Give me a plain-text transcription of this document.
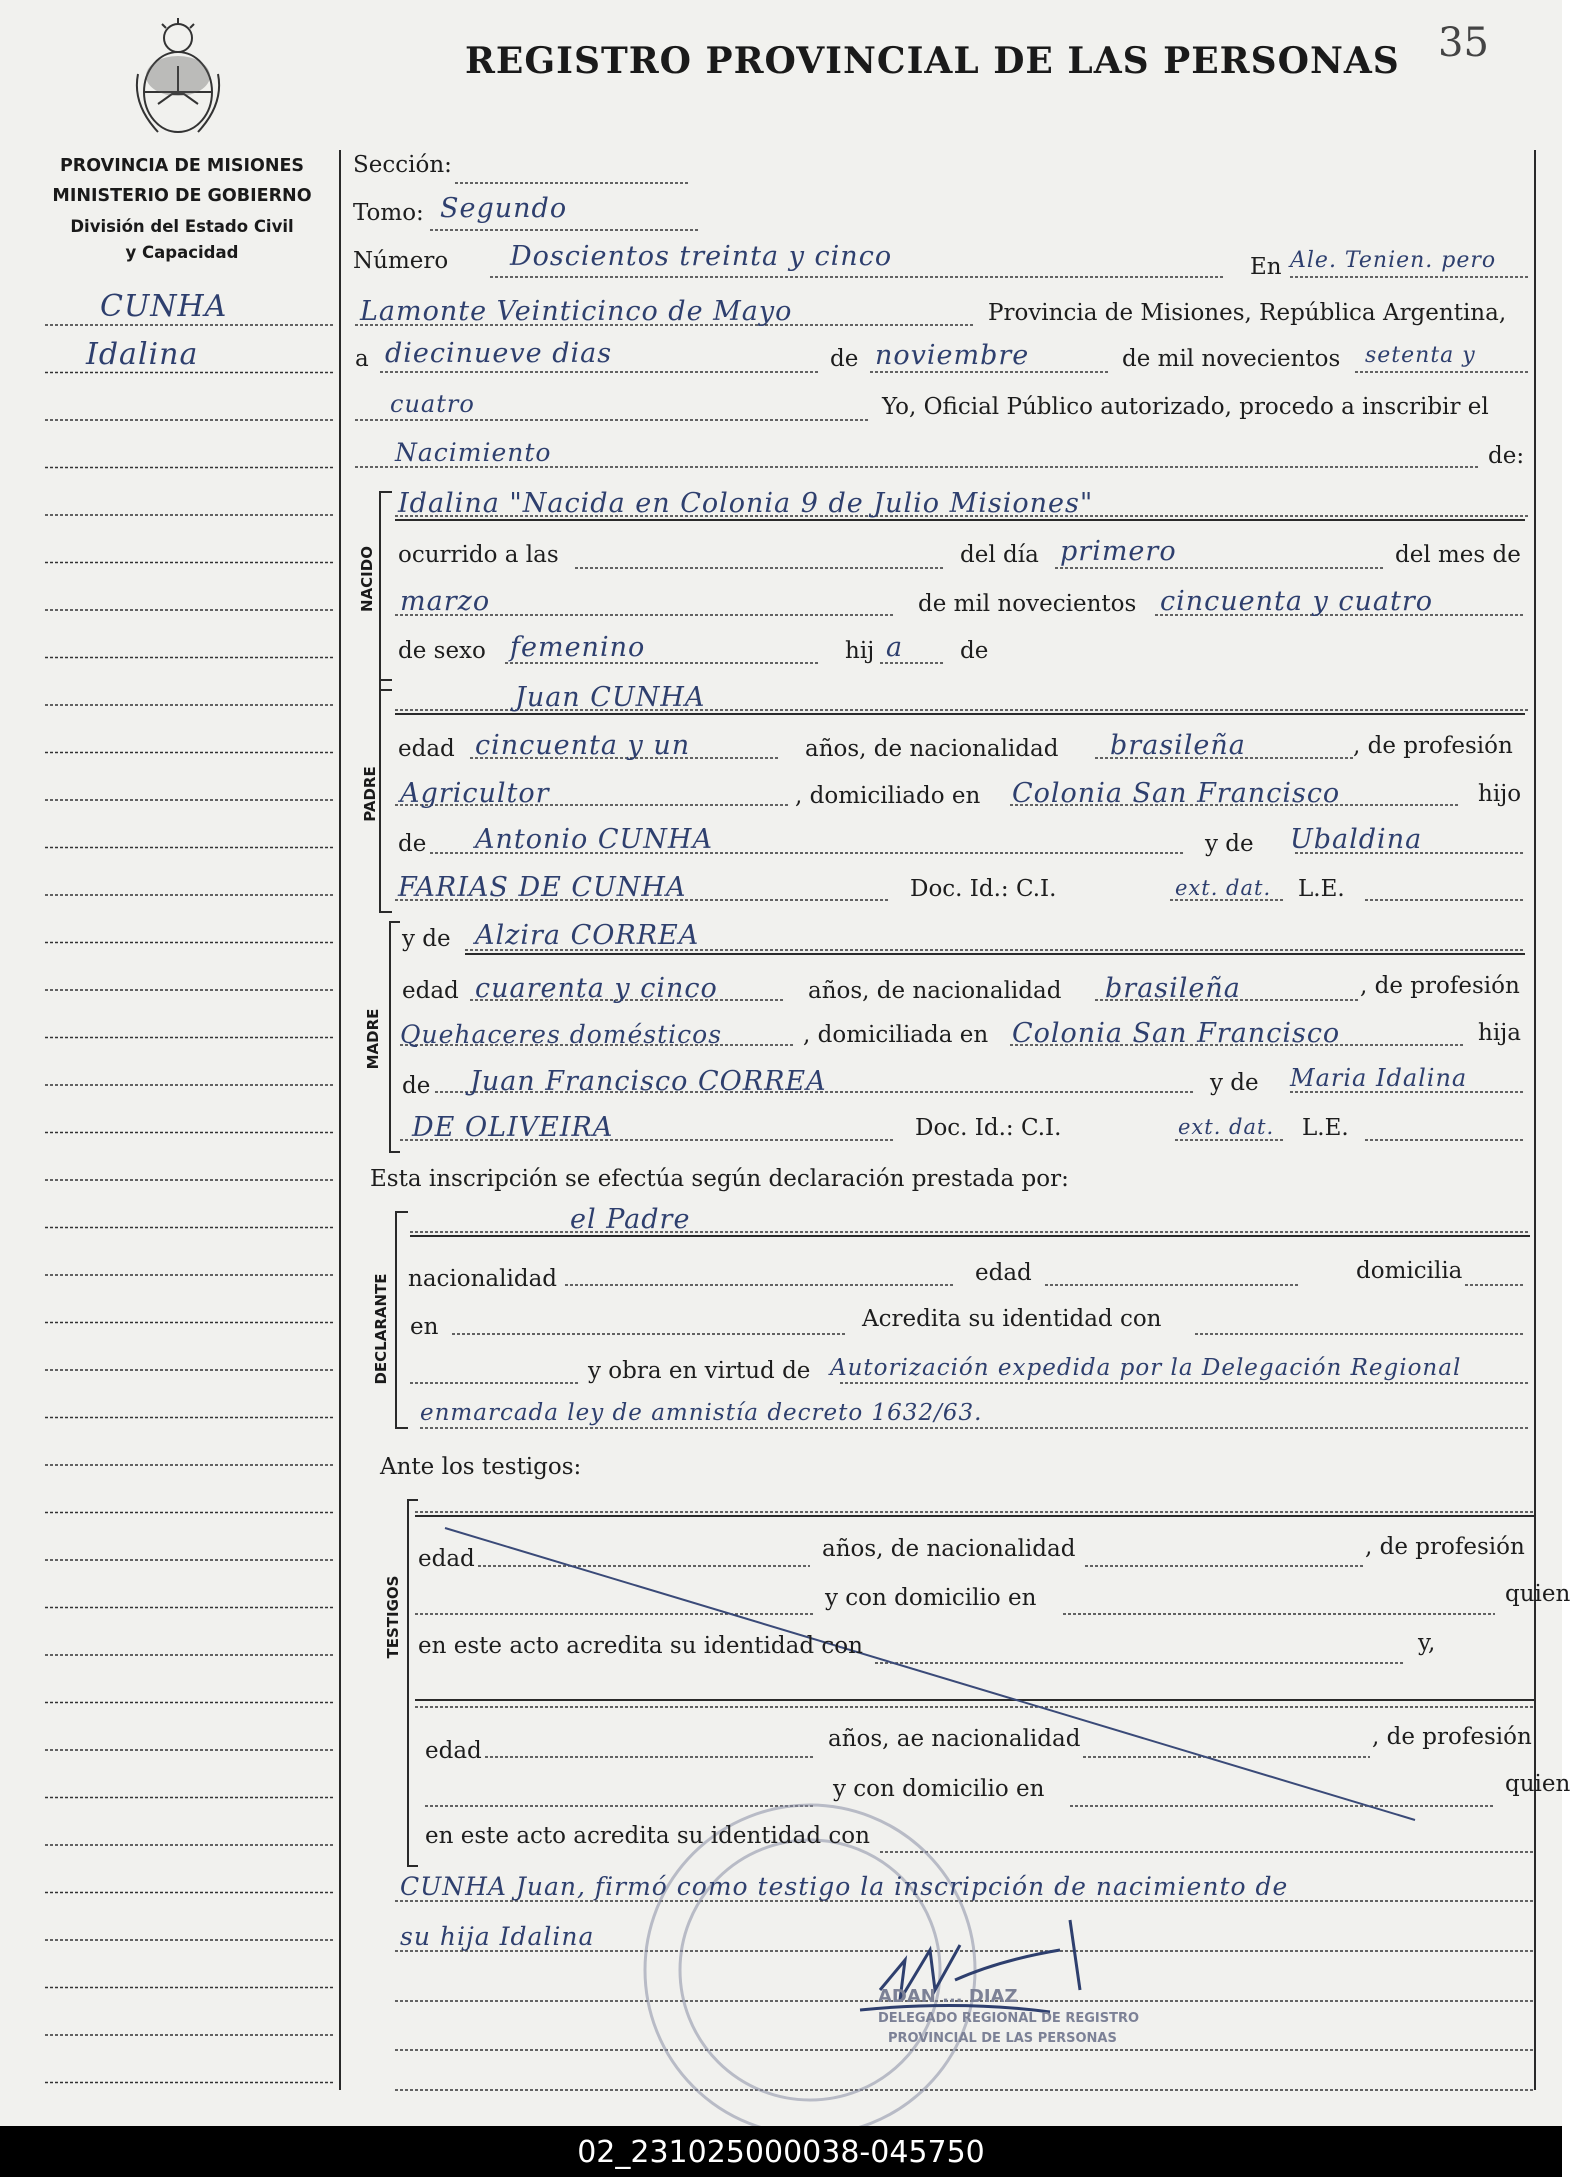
REGISTRO PROVINCIAL DE LAS PERSONAS 35
PROVINCIA DE MISIONES
MINISTERIO DE GOBIERNO
División del Estado Civil
y Capacidad
CUNHA
Idalina
Sección:
Tomo: Segundo
Número Doscientos treinta y cinco	En Ale. Tenien. pero
Lamonte Veinticinco de Mayo	Provincia de Misiones, República Argentina,
a diecinueve dias	de noviembre	de mil novecientos setenta y
cuatro	Yo, Oficial Público autorizado, procedo a inscribir el
Nacimiento	de:
NACIDO
Idalina "Nacida en Colonia 9 de Julio Misiones"
ocurrido a las	del día primero	del mes de
marzo	de mil novecientos cincuenta y cuatro
de sexo femenino	hij a de
PADRE
Juan CUNHA
edad cincuenta y un	años, de nacionalidad brasileña	, de profesión
Agricultor	, domiciliado en Colonia San Francisco	hijo
de Antonio CUNHA	y de Ubaldina
FARIAS DE CUNHA	Doc. Id.: C.I.	ext. dat. L.E.
MADRE
y de Alzira CORREA
edad cuarenta y cinco	años, de nacionalidad brasileña	, de profesión
Quehaceres domésticos	, domiciliada en Colonia San Francisco	hija
de Juan Francisco CORREA	y de Maria Idalina
DE OLIVEIRA	Doc. Id.: C.I.	ext. dat. L.E.
Esta inscripción se efectúa según declaración prestada por:
DECLARANTE
el Padre
nacionalidad	edad	domicilia
en	Acredita su identidad con
y obra en virtud de Autorización expedida por la Delegación Regional
enmarcada ley de amnistía decreto 1632/63.
Ante los testigos:
TESTIGOS
edad	años, de nacionalidad	, de profesión
y con domicilio en	quien
en este acto acredita su identidad con	y,
edad	años, ae nacionalidad	, de profesión
y con domicilio en	quien
en este acto acredita su identidad con
CUNHA Juan, firmó como testigo la inscripción de nacimiento de
su hija Idalina
ADAN ... DIAZ
DELEGADO REGIONAL DE REGISTRO
PROVINCIAL DE LAS PERSONAS
02_231025000038-045750
